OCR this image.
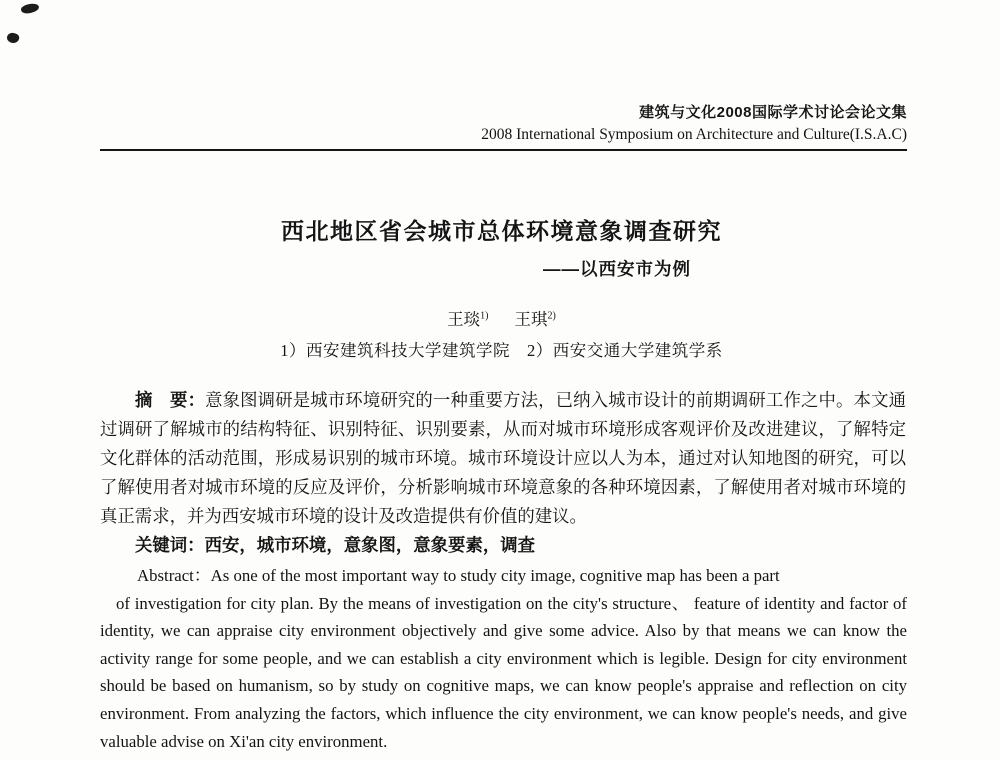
建筑与文化2008国际学术讨论会论文集
2008 International Symposium on Architecture and Culture(I.S.A.C)
西北地区省会城市总体环境意象调查研究
——以西安市为例
王琰$^{1)}$ 王琪$^{2)}$
1）西安建筑科技大学建筑学院　2）西安交通大学建筑学系

摘　要：意象图调研是城市环境研究的一种重要方法，已纳入城市设计的前期调研工作之中。本文通过调研了解城市的结构特征、识别特征、识别要素，从而对城市环境形成客观评价及改进建议，了解特定文化群体的活动范围，形成易识别的城市环境。城市环境设计应以人为本，通过对认知地图的研究，可以了解使用者对城市环境的反应及评价，分析影响城市环境意象的各种环境因素，了解使用者对城市环境的真正需求，并为西安城市环境的设计及改造提供有价值的建议。

关键词：西安，城市环境，意象图，意象要素，调查

Abstract：As one of the most important way to study city image, cognitive map has been a part

of investigation for city plan. By the means of investigation on the city's structure、 feature of identity and factor of identity, we can appraise city environment objectively and give some advice. Also by that means we can know the activity range for some people, and we can establish a city environment which is legible. Design for city environment should be based on humanism, so by study on cognitive maps, we can know people's appraise and reflection on city environment. From analyzing the factors, which influence the city environment, we can know people's needs, and give valuable advise on Xi'an city environment.
